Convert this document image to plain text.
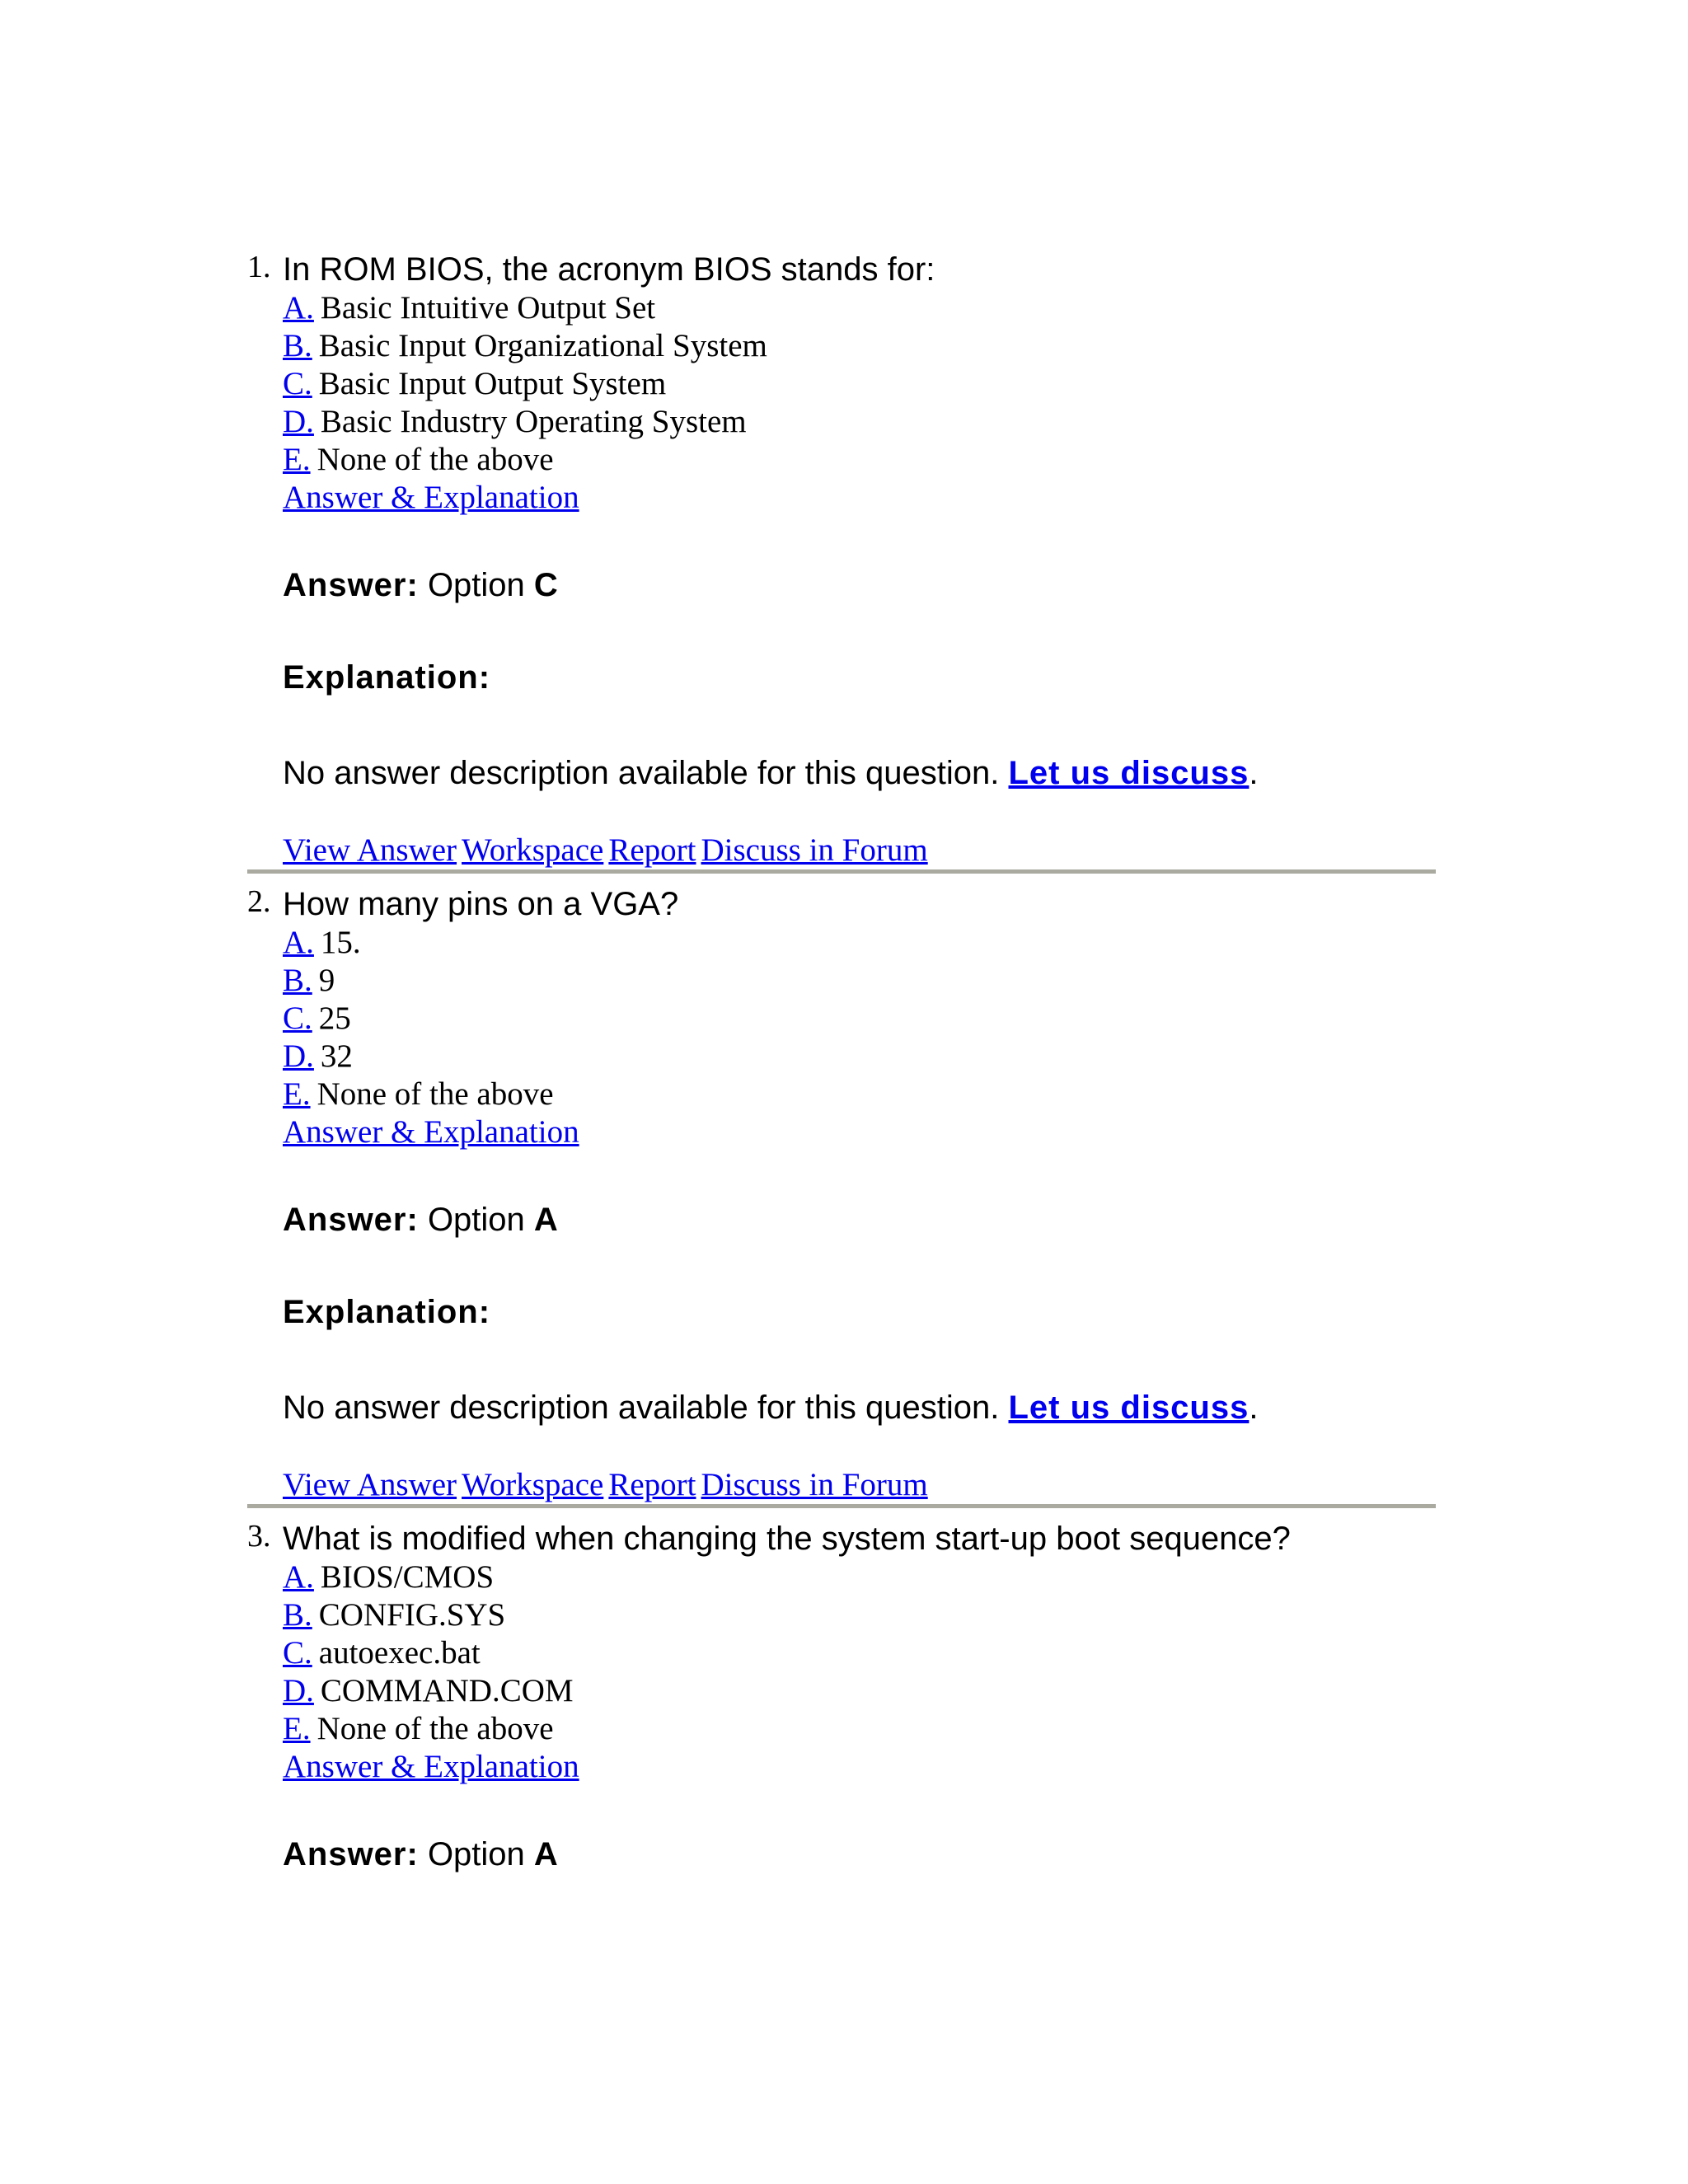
1. In ROM BIOS, the acronym BIOS stands for:
A. Basic Intuitive Output Set
B. Basic Input Organizational System
C. Basic Input Output System
D. Basic Industry Operating System
E. None of the above
Answer & Explanation
Answer: Option C
Explanation:
No answer description available for this question. Let us discuss.
View Answer Workspace Report Discuss in Forum
2. How many pins on a VGA?
A. 15.
B. 9
C. 25
D. 32
E. None of the above
Answer & Explanation
Answer: Option A
Explanation:
No answer description available for this question. Let us discuss.
View Answer Workspace Report Discuss in Forum
3. What is modified when changing the system start-up boot sequence?
A. BIOS/CMOS
B. CONFIG.SYS
C. autoexec.bat
D. COMMAND.COM
E. None of the above
Answer & Explanation
Answer: Option A
